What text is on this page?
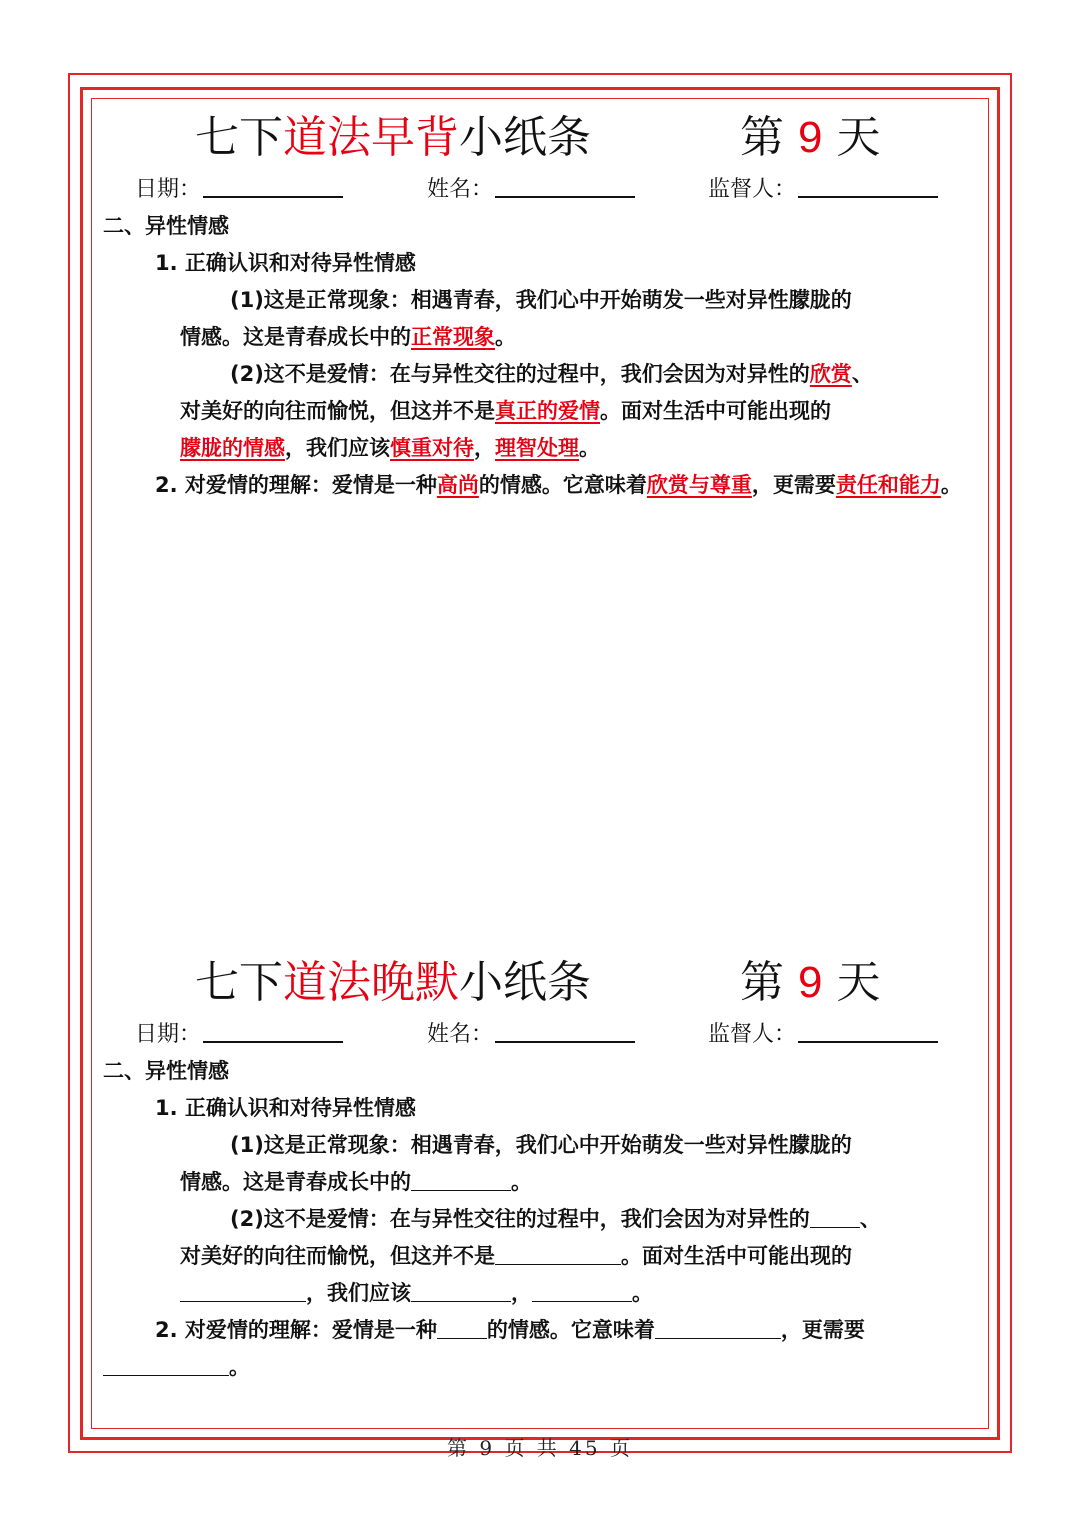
七下道法早背小纸条	第 9 天
日期：	姓名：	监督人：
二、异性情感
1. 正确认识和对待异性情感
(1)这是正常现象：相遇青春，我们心中开始萌发一些对异性朦胧的
情感。这是青春成长中的正常现象。
(2)这不是爱情：在与异性交往的过程中，我们会因为对异性的欣赏、
对美好的向往而愉悦，但这并不是真正的爱情。面对生活中可能出现的
朦胧的情感，我们应该慎重对待，理智处理。
2. 对爱情的理解：爱情是一种高尚的情感。它意味着欣赏与尊重，更需要责任和能力。
七下道法晚默小纸条	第 9 天
日期：	姓名：	监督人：
二、异性情感
1. 正确认识和对待异性情感
(1)这是正常现象：相遇青春，我们心中开始萌发一些对异性朦胧的
情感。这是青春成长中的	。
(2)这不是爱情：在与异性交往的过程中，我们会因为对异性的 、
对美好的向往而愉悦，但这并不是	。面对生活中可能出现的
，我们应该	，	。
2. 对爱情的理解：爱情是一种 的情感。它意味着	，更需要
。
第 9 页 共 45 页
